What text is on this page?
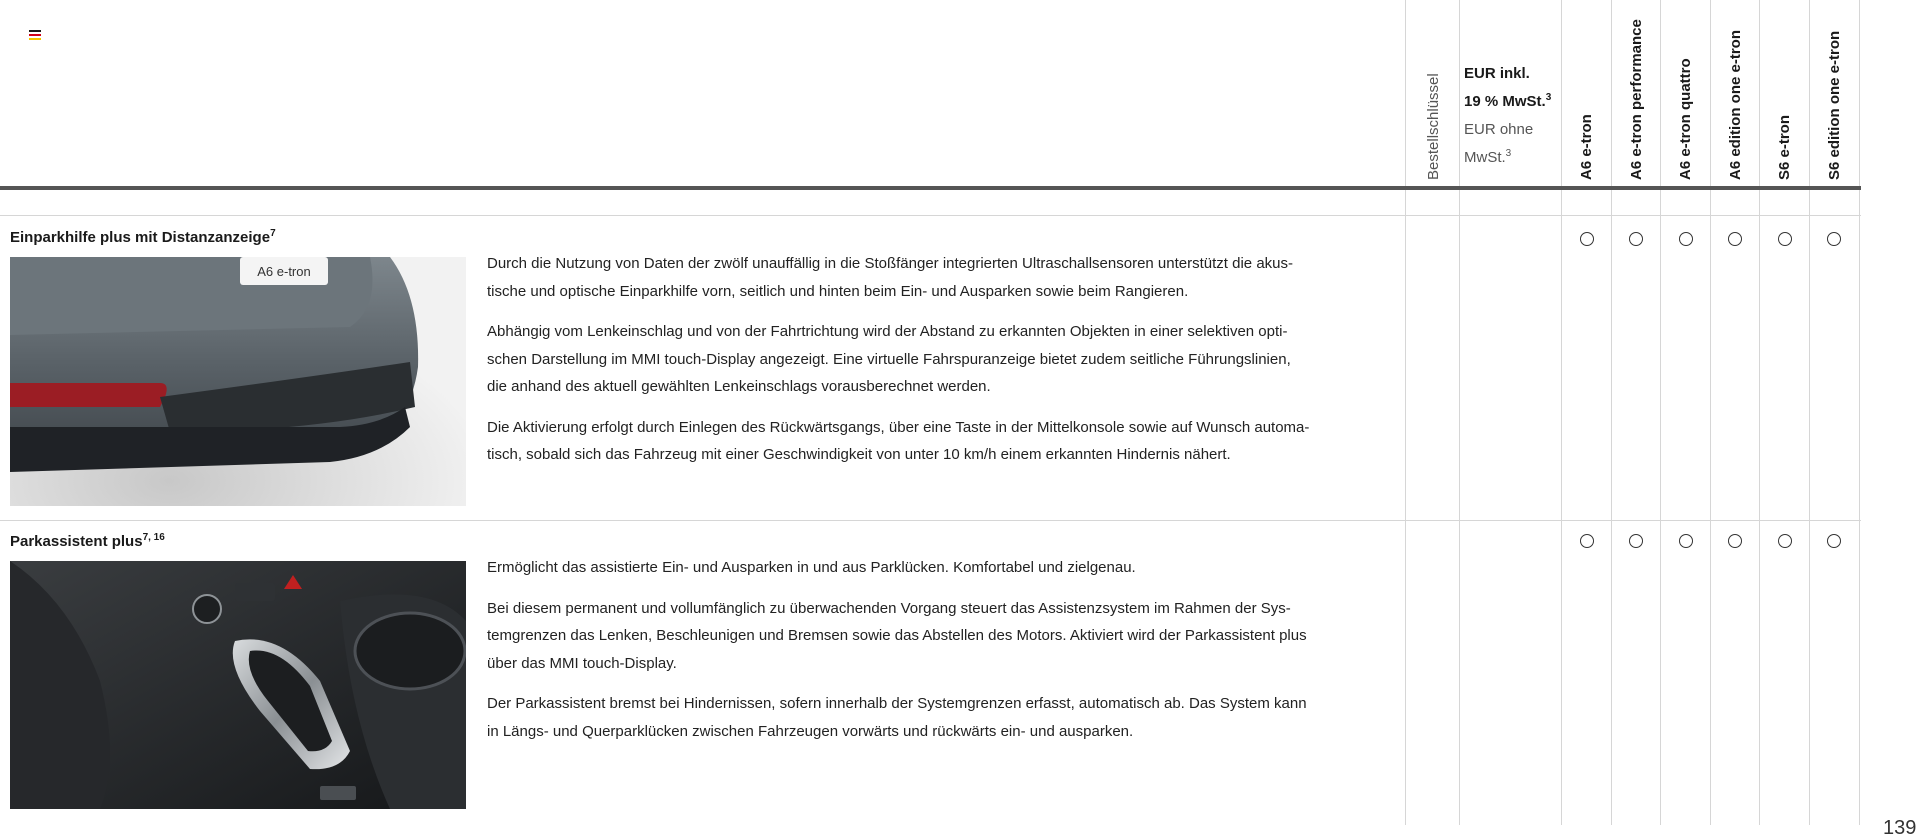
Bestellschlüssel EUR inkl.
19 % MwSt.$^3$
EUR ohne
MwSt.$^3$	A6 e-tron A6 e-tron performance A6 e-tron quattro A6 edition one e-tron S6 e-tron S6 edition one e-tron
Einparkhilfe plus mit Distanzanzeige$^7$
A6 e-tron	Durch die Nutzung von Daten der zwölf unauffällig in die Stoßfänger integrierten Ultraschallsensoren unterstützt die akus-
tische und optische Einparkhilfe vorn, seitlich und hinten beim Ein- und Ausparken sowie beim Rangieren.

Abhängig vom Lenkeinschlag und von der Fahrtrichtung wird der Abstand zu erkannten Objekten in einer selektiven opti-
schen Darstellung im MMI touch-Display angezeigt. Eine virtuelle Fahrspuranzeige bietet zudem seitliche Führungslinien,
die anhand des aktuell gewählten Lenkeinschlags vorausberechnet werden.

Die Aktivierung erfolgt durch Einlegen des Rückwärtsgangs, über eine Taste in der Mittelkonsole sowie auf Wunsch automa-
tisch, sobald sich das Fahrzeug mit einer Geschwindigkeit von unter 10 km/h einem erkannten Hindernis nähert.

Parkassistent plus$^{7, 16}$

Ermöglicht das assistierte Ein- und Ausparken in und aus Parklücken. Komfortabel und zielgenau.

Bei diesem permanent und vollumfänglich zu überwachenden Vorgang steuert das Assistenzsystem im Rahmen der Sys-
temgrenzen das Lenken, Beschleunigen und Bremsen sowie das Abstellen des Motors. Aktiviert wird der Parkassistent plus
über das MMI touch-Display.

Der Parkassistent bremst bei Hindernissen, sofern innerhalb der Systemgrenzen erfasst, automatisch ab. Das System kann
in Längs- und Querparklücken zwischen Fahrzeugen vorwärts und rückwärts ein- und ausparken.

139
